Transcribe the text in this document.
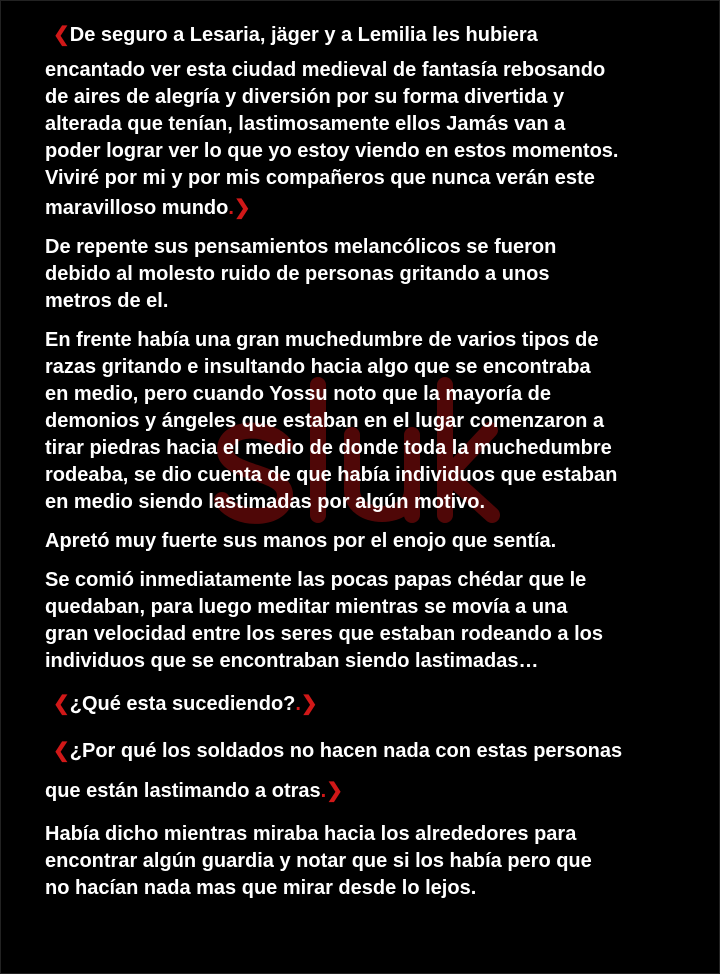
❮De seguro a Lesaria, jäger y a Lemilia les hubiera
encantado ver esta ciudad medieval de fantasía rebosando
de aires de alegría y diversión por su forma divertida y
alterada que tenían, lastimosamente ellos Jamás van a
poder lograr ver lo que yo estoy viendo en estos momentos.
Viviré por mi y por mis compañeros que nunca verán este
maravilloso mundo.❯
De repente sus pensamientos melancólicos se fueron
debido al molesto ruido de personas gritando a unos
metros de el.
En frente había una gran muchedumbre de varios tipos de
razas gritando e insultando hacia algo que se encontraba
en medio, pero cuando Yossu noto que la mayoría de
demonios y ángeles que estaban en el lugar comenzaron a
tirar piedras hacia el medio de donde toda la muchedumbre
rodeaba, se dio cuenta de que había individuos que estaban
en medio siendo lastimadas por algún motivo.
Apretó muy fuerte sus manos por el enojo que sentía.
Se comió inmediatamente las pocas papas chédar que le
quedaban, para luego meditar mientras se movía a una
gran velocidad entre los seres que estaban rodeando a los
individuos que se encontraban siendo lastimadas…
❮¿Qué esta sucediendo?.❯
❮¿Por qué los soldados no hacen nada con estas personas
que están lastimando a otras.❯
Había dicho mientras miraba hacia los alrededores para
encontrar algún guardia y notar que si los había pero que
no hacían nada mas que mirar desde lo lejos.
